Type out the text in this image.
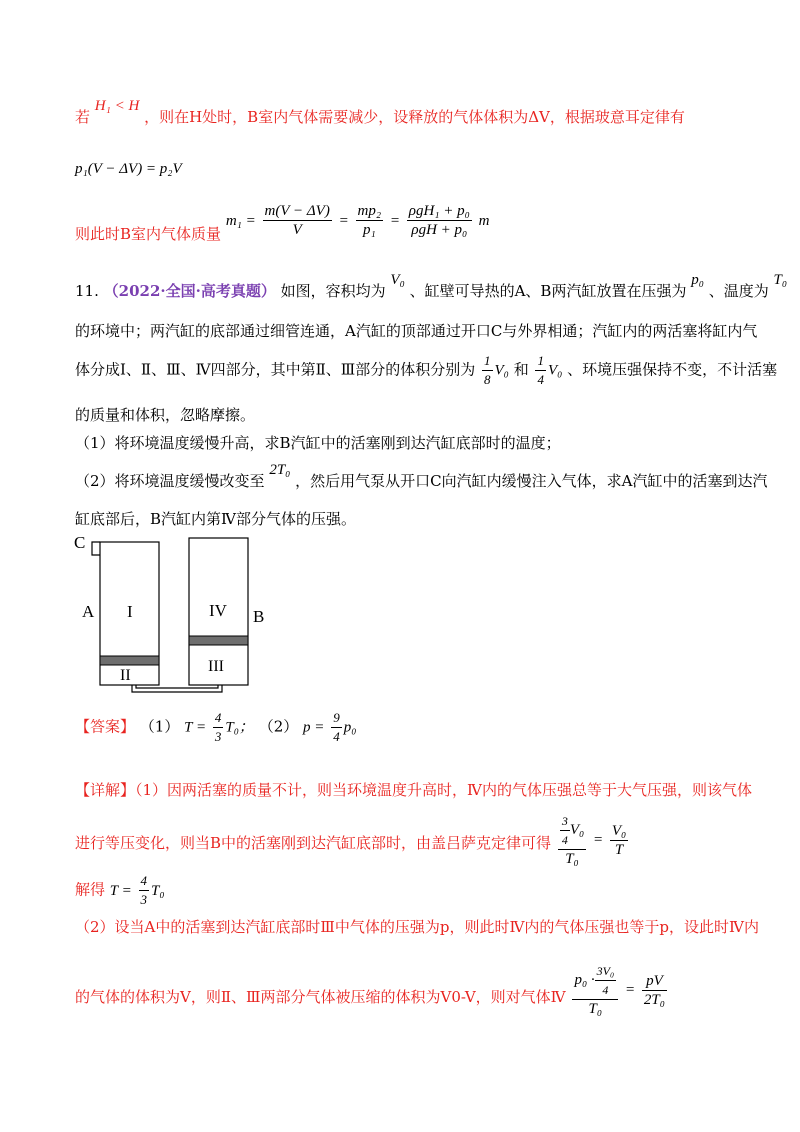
若 H₁ < H ，则在H处时，B室内气体需要减少，设释放的气体体积为ΔV，根据玻意耳定律有
p₁(V − ΔV) = p₂V
则此时B室内气体质量 $m_1 = \frac{m(V - \Delta V)}{V} = \frac{\text{mp₂}}{\text{p₁}} = \frac{\text{ρgH₁ + p₀}}{\text{ρgH + p₀}}$ m
11. （2022·全国·高考真题） 如图，容积均为 V₀ 、缸壁可导热的A、B两汽缸放置在压强为 p₀ 、温度为 T₀
的环境中；两汽缸的底部通过细管连通，A汽缸的顶部通过开口C与外界相通；汽缸内的两活塞将缸内气
体分成Ⅰ、Ⅱ、Ⅲ、Ⅳ四部分，其中第Ⅱ、Ⅲ部分的体积分别为 $\frac{1}{8} V_0$ 和 $\frac{1}{4} V_0$ 、环境压强保持不变，不计活塞
的质量和体积，忽略摩擦。
（1）将环境温度缓慢升高，求B汽缸中的活塞刚到达汽缸底部时的温度；
（2）将环境温度缓慢改变至 2T₀ ，然后用气泵从开口C向汽缸内缓慢注入气体，求A汽缸中的活塞到达汽
缸底部后，B汽缸内第Ⅳ部分气体的压强。
C
A	B
I
II
III
IV
【答案】 （1） $T = \frac{4}{3} T_0$； （2） $p = \frac{9}{4} p_0$
【详解】（1）因两活塞的质量不计，则当环境温度升高时，Ⅳ内的气体压强总等于大气压强，则该气体
进行等压变化，则当B中的活塞刚到达汽缸底部时，由盖吕萨克定律可得 $\frac{\frac{3}{4} V_0}{\text{T₀}} = \frac{\text{V₀}}{T}$
解得 $T = \frac{4}{3} T_0$
（2）设当A中的活塞到达汽缸底部时Ⅲ中气体的压强为p，则此时Ⅳ内的气体压强也等于p，设此时Ⅳ内
的气体的体积为V，则Ⅱ、Ⅲ两部分气体被压缩的体积为V0-V，则对气体Ⅳ $\frac{p_0 \cdot \frac{\text{3V₀}}{4}}{\text{T₀}} = \frac{pV}{\text{2T₀}}$
